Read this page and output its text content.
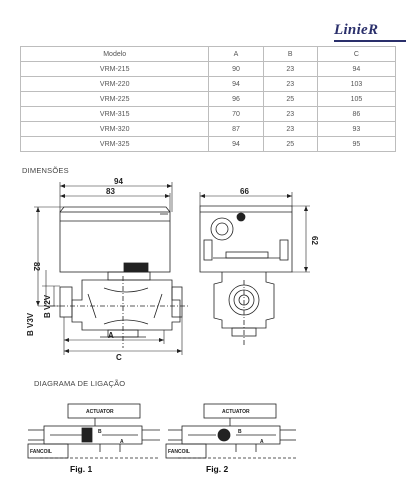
LinieR
Modelo	A	B	C
VRM-215	90	23	94
VRM-220	94	23	103
VRM-225	96	25	105
VRM-315	70	23	86
VRM-320	87	23	93
VRM-325	94	25	95
DIMENSÕES
DIAGRAMA DE LIGAÇÃO
94
83	66
82
62
B V3V
B V2V
A
C
ACTUATOR
FANCOIL
A
B
Fig. 1
ACTUATOR
FANCOIL
A
B
Fig. 2
